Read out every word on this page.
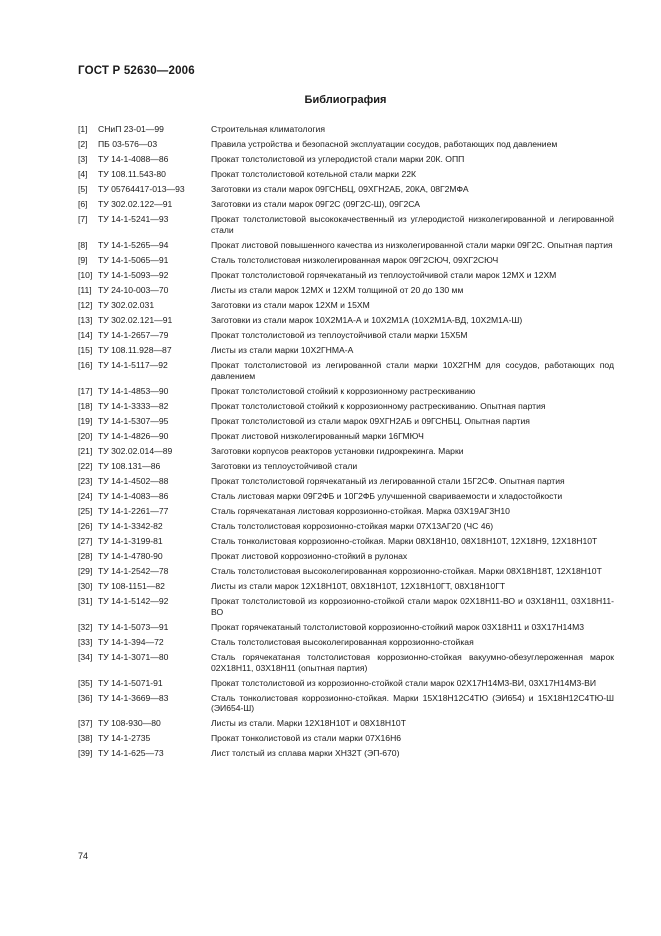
ГОСТ Р 52630—2006
Библиография
[1] СНиП 23-01—99	Строительная климатология
[2] ПБ 03-576—03	Правила устройства и безопасной эксплуатации сосудов, работающих под давлением
[3] ТУ 14-1-4088—86	Прокат толстолистовой из углеродистой стали марки 20К. ОПП
[4] ТУ 108.11.543-80	Прокат толстолистовой котельной стали марки 22К
[5] ТУ 05764417-013—93	Заготовки из стали марок 09ГСНБЦ, 09ХГН2АБ, 20КА, 08Г2МФА
[6] ТУ 302.02.122—91	Заготовки из стали марок 09Г2С (09Г2С-Ш), 09Г2СА
[7] ТУ 14-1-5241—93	Прокат толстолистовой высококачественный из углеродистой низколегированной и легированной стали
[8] ТУ 14-1-5265—94	Прокат листовой повышенного качества из низколегированной стали марки 09Г2С. Опытная партия
[9] ТУ 14-1-5065—91	Сталь толстолистовая низколегированная марок 09Г2СЮЧ, 09ХГ2СЮЧ
[10] ТУ 14-1-5093—92	Прокат толстолистовой горячекатаный из теплоустойчивой стали марок 12МХ и 12ХМ
[11] ТУ 24-10-003—70	Листы из стали марок 12МХ и 12ХМ толщиной от 20 до 130 мм
[12] ТУ 302.02.031	Заготовки из стали марок 12ХМ и 15ХМ
[13] ТУ 302.02.121—91	Заготовки из стали марок 10Х2М1А-А и 10Х2М1А (10Х2М1А-ВД, 10Х2М1А-Ш)
[14] ТУ 14-1-2657—79	Прокат толстолистовой из теплоустойчивой стали марки 15Х5М
[15] ТУ 108.11.928—87	Листы из стали марки 10Х2ГНМА-А
[16] ТУ 14-1-5117—92	Прокат толстолистовой из легированной стали марки 10Х2ГНМ для сосудов, работающих под давлением
[17] ТУ 14-1-4853—90	Прокат толстолистовой стойкий к коррозионному растрескиванию
[18] ТУ 14-1-3333—82	Прокат толстолистовой стойкий к коррозионному растрескиванию. Опытная партия
[19] ТУ 14-1-5307—95	Прокат толстолистовой из стали марок 09ХГН2АБ и 09ГСНБЦ. Опытная партия
[20] ТУ 14-1-4826—90	Прокат листовой низколегированный марки 16ГМЮЧ
[21] ТУ 302.02.014—89	Заготовки корпусов реакторов установки гидрокрекинга. Марки
[22] ТУ 108.131—86	Заготовки из теплоустойчивой стали
[23] ТУ 14-1-4502—88	Прокат толстолистовой горячекатаный из легированной стали 15Г2СФ. Опытная партия
[24] ТУ 14-1-4083—86	Сталь листовая марки 09Г2ФБ и 10Г2ФБ улучшенной свариваемости и хладостойкости
[25] ТУ 14-1-2261—77	Сталь горячекатаная листовая коррозионно-стойкая. Марка 03Х19АГ3Н10
[26] ТУ 14-1-3342-82	Сталь толстолистовая коррозионно-стойкая марки 07Х13АГ20 (ЧС 46)
[27] ТУ 14-1-3199-81	Сталь тонколистовая коррозионно-стойкая. Марки 08Х18Н10, 08Х18Н10Т, 12Х18Н9, 12Х18Н10Т
[28] ТУ 14-1-4780-90	Прокат листовой коррозионно-стойкий в рулонах
[29] ТУ 14-1-2542—78	Сталь толстолистовая высоколегированная коррозионно-стойкая. Марки 08Х18Н18Т, 12Х18Н10Т
[30] ТУ 108-1151—82	Листы из стали марок 12Х18Н10Т, 08Х18Н10Т, 12Х18Н10ГТ, 08Х18Н10ГТ
[31] ТУ 14-1-5142—92	Прокат толстолистовой из коррозионно-стойкой стали марок 02Х18Н11-ВО и 03Х18Н11, 03Х18Н11-ВО
[32] ТУ 14-1-5073—91	Прокат горячекатаный толстолистовой коррозионно-стойкий марок 03Х18Н11 и 03Х17Н14М3
[33] ТУ 14-1-394—72	Сталь толстолистовая высоколегированная коррозионно-стойкая
[34] ТУ 14-1-3071—80	Сталь горячекатаная толстолистовая коррозионно-стойкая вакуумно-обезуглероженная марок 02Х18Н11, 03Х18Н11 (опытная партия)
[35] ТУ 14-1-5071-91	Прокат толстолистовой из коррозионно-стойкой стали марок 02Х17Н14М3-ВИ, 03Х17Н14М3-ВИ
[36] ТУ 14-1-3669—83	Сталь тонколистовая коррозионно-стойкая. Марки 15Х18Н12С4ТЮ (ЭИ654) и 15Х18Н12С4ТЮ-Ш (ЭИ654-Ш)
[37] ТУ 108-930—80	Листы из стали. Марки 12Х18Н10Т и 08Х18Н10Т
[38] ТУ 14-1-2735	Прокат тонколистовой из стали марки 07Х16Н6
[39] ТУ 14-1-625—73	Лист толстый из сплава марки ХН32Т (ЭП-670)
74
